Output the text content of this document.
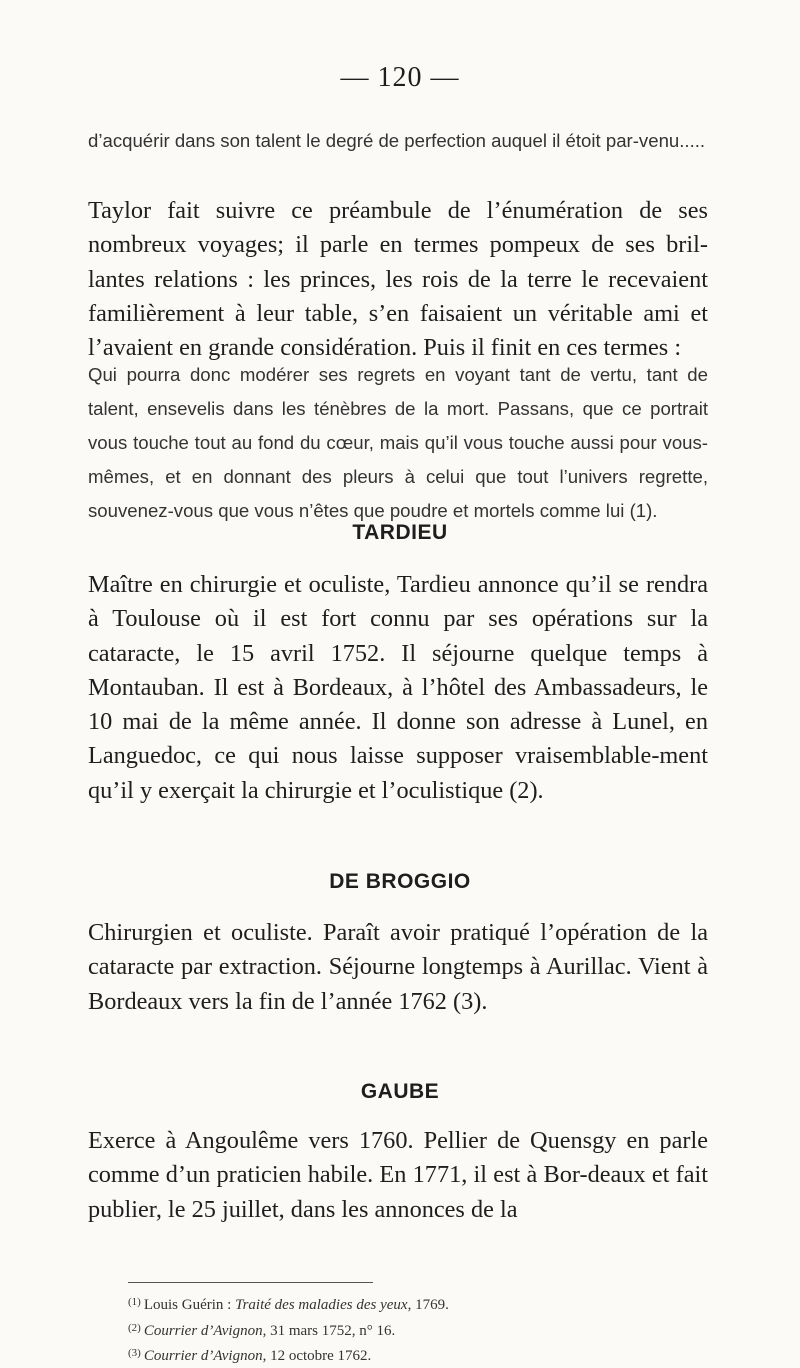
— 120 —
d’acquérir dans son talent le degré de perfection auquel il étoit par-venu.....
Taylor fait suivre ce préambule de l’énumération de ses nombreux voyages; il parle en termes pompeux de ses bril-lantes relations : les princes, les rois de la terre le recevaient familièrement à leur table, s’en faisaient un véritable ami et l’avaient en grande considération. Puis il finit en ces termes :
Qui pourra donc modérer ses regrets en voyant tant de vertu, tant de talent, ensevelis dans les ténèbres de la mort. Passans, que ce portrait vous touche tout au fond du cœur, mais qu’il vous touche aussi pour vous-mêmes, et en donnant des pleurs à celui que tout l’univers regrette, souvenez-vous que vous n’êtes que poudre et mortels comme lui (1).
TARDIEU
Maître en chirurgie et oculiste, Tardieu annonce qu’il se rendra à Toulouse où il est fort connu par ses opérations sur la cataracte, le 15 avril 1752. Il séjourne quelque temps à Montauban. Il est à Bordeaux, à l’hôtel des Ambassadeurs, le 10 mai de la même année. Il donne son adresse à Lunel, en Languedoc, ce qui nous laisse supposer vraisemblable-ment qu’il y exerçait la chirurgie et l’oculistique (2).
DE BROGGIO
Chirurgien et oculiste. Paraît avoir pratiqué l’opération de la cataracte par extraction. Séjourne longtemps à Aurillac. Vient à Bordeaux vers la fin de l’année 1762 (3).
GAUBE
Exerce à Angoulême vers 1760. Pellier de Quensgy en parle comme d’un praticien habile. En 1771, il est à Bor-deaux et fait publier, le 25 juillet, dans les annonces de la
$^{(1)}$ Louis Guérin : Traité des maladies des yeux, 1769.
$^{(2)}$ Courrier d’Avignon, 31 mars 1752, n° 16.
$^{(3)}$ Courrier d’Avignon, 12 octobre 1762.
